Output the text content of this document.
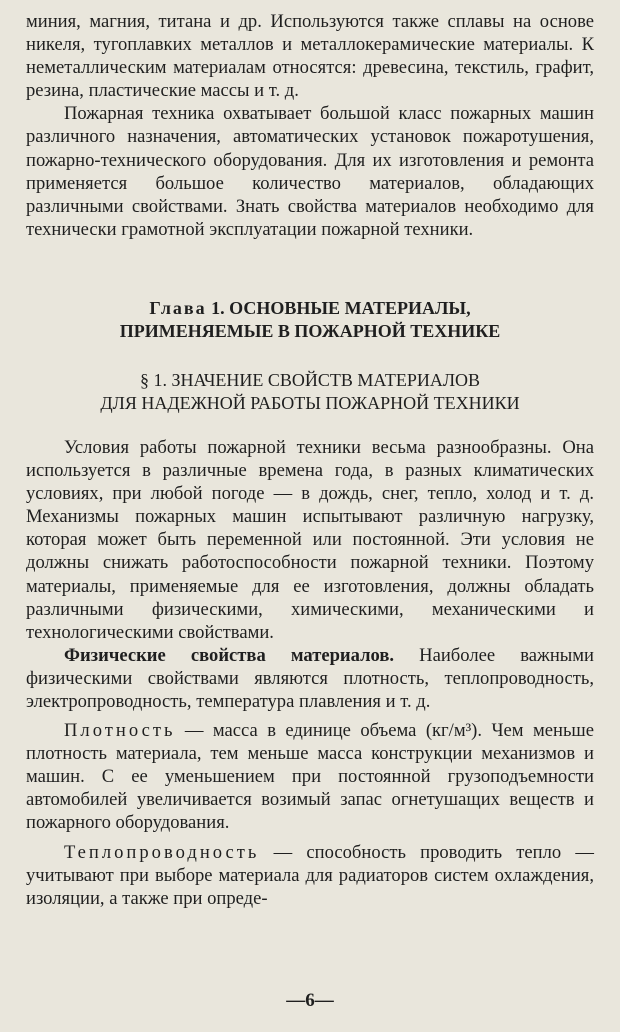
миния, магния, титана и др. Используются также сплавы на основе никеля, тугоплавких металлов и металлокерамические материалы. К неметаллическим материалам относятся: древесина, текстиль, графит, резина, пластические массы и т. д.

Пожарная техника охватывает большой класс пожарных машин различного назначения, автоматических установок пожаротушения, пожарно-технического оборудования. Для их изготовления и ремонта применяется большое количество материалов, обладающих различными свойствами. Знать свойства материалов необходимо для технически грамотной эксплуатации пожарной техники.

Глава 1. ОСНОВНЫЕ МАТЕРИАЛЫ,
ПРИМЕНЯЕМЫЕ В ПОЖАРНОЙ ТЕХНИКЕ
§ 1. ЗНАЧЕНИЕ СВОЙСТВ МАТЕРИАЛОВ
ДЛЯ НАДЕЖНОЙ РАБОТЫ ПОЖАРНОЙ ТЕХНИКИ

Условия работы пожарной техники весьма разнообразны. Она используется в различные времена года, в разных климатических условиях, при любой погоде — в дождь, снег, тепло, холод и т. д. Механизмы пожарных машин испытывают различную нагрузку, которая может быть переменной или постоянной. Эти условия не должны снижать работоспособности пожарной техники. Поэтому материалы, применяемые для ее изготовления, должны обладать различными физическими, химическими, механическими и технологическими свойствами.

Физические свойства материалов. Наиболее важными физическими свойствами являются плотность, теплопроводность, электропроводность, температура плавления и т. д.

Плотность — масса в единице объема (кг/м³). Чем меньше плотность материала, тем меньше масса конструкции механизмов и машин. С ее уменьшением при постоянной грузоподъемности автомобилей увеличивается возимый запас огнетушащих веществ и пожарного оборудования.

Теплопроводность — способность проводить тепло — учитывают при выборе материала для радиаторов систем охлаждения, изоляции, а также при опреде-

—6—
